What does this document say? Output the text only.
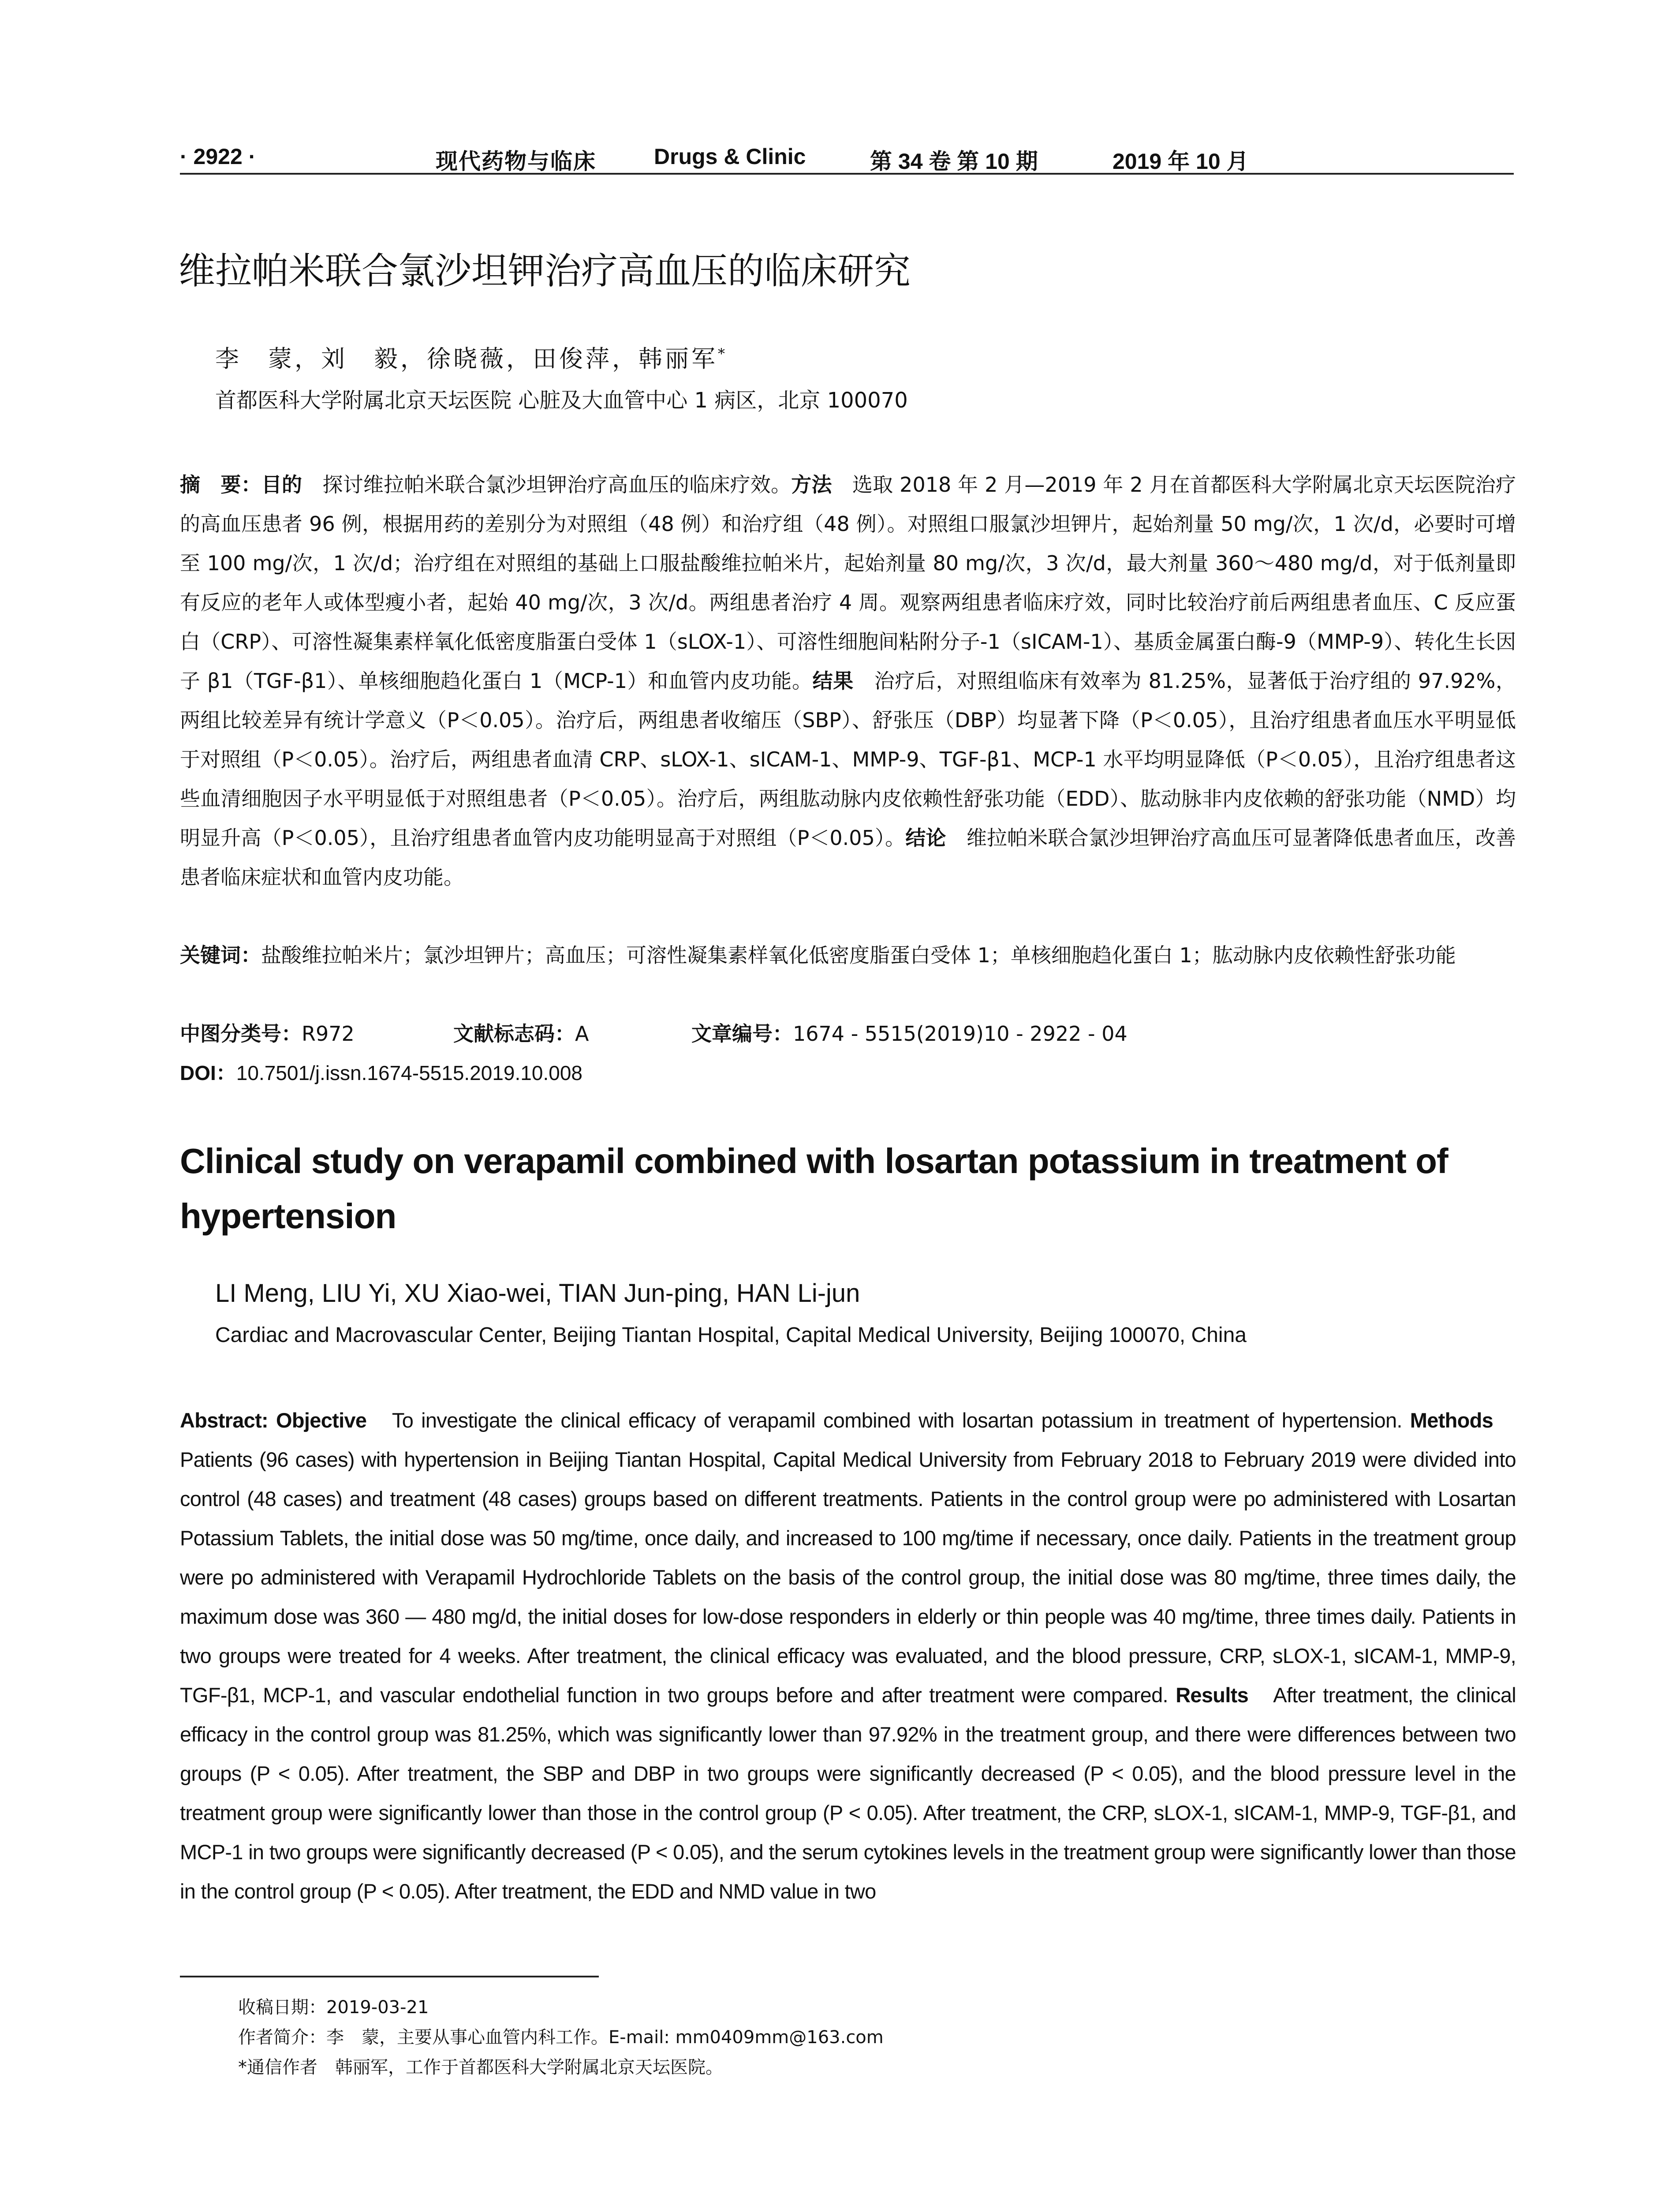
· 2922 ·	现代药物与临床	Drugs & Clinic	第 34 卷 第 10 期	2019 年 10 月
维拉帕米联合氯沙坦钾治疗高血压的临床研究
李　蒙，刘　毅，徐晓薇，田俊萍，韩丽军*
首都医科大学附属北京天坛医院 心脏及大血管中心 1 病区，北京 100070

摘　要：目的　探讨维拉帕米联合氯沙坦钾治疗高血压的临床疗效。方法　选取 2018 年 2 月—2019 年 2 月在首都医科大学附属北京天坛医院治疗的高血压患者 96 例，根据用药的差别分为对照组（48 例）和治疗组（48 例）。对照组口服氯沙坦钾片，起始剂量 50 mg/次，1 次/d，必要时可增至 100 mg/次，1 次/d；治疗组在对照组的基础上口服盐酸维拉帕米片，起始剂量 80 mg/次，3 次/d，最大剂量 360～480 mg/d，对于低剂量即有反应的老年人或体型瘦小者，起始 40 mg/次，3 次/d。两组患者治疗 4 周。观察两组患者临床疗效，同时比较治疗前后两组患者血压、C 反应蛋白（CRP）、可溶性凝集素样氧化低密度脂蛋白受体 1（sLOX-1）、可溶性细胞间粘附分子-1（sICAM-1）、基质金属蛋白酶-9（MMP-9）、转化生长因子 β1（TGF-β1）、单核细胞趋化蛋白 1（MCP-1）和血管内皮功能。结果　治疗后，对照组临床有效率为 81.25%，显著低于治疗组的 97.92%，两组比较差异有统计学意义（P＜0.05）。治疗后，两组患者收缩压（SBP）、舒张压（DBP）均显著下降（P＜0.05），且治疗组患者血压水平明显低于对照组（P＜0.05）。治疗后，两组患者血清 CRP、sLOX-1、sICAM-1、MMP-9、TGF-β1、MCP-1 水平均明显降低（P＜0.05），且治疗组患者这些血清细胞因子水平明显低于对照组患者（P＜0.05）。治疗后，两组肱动脉内皮依赖性舒张功能（EDD）、肱动脉非内皮依赖的舒张功能（NMD）均明显升高（P＜0.05），且治疗组患者血管内皮功能明显高于对照组（P＜0.05）。结论　维拉帕米联合氯沙坦钾治疗高血压可显著降低患者血压，改善患者临床症状和血管内皮功能。

关键词：盐酸维拉帕米片；氯沙坦钾片；高血压；可溶性凝集素样氧化低密度脂蛋白受体 1；单核细胞趋化蛋白 1；肱动脉内皮依赖性舒张功能

中图分类号：R972	文献标志码：A	文章编号：1674 - 5515(2019)10 - 2922 - 04
DOI：10.7501/j.issn.1674-5515.2019.10.008
Clinical study on verapamil combined with losartan potassium in treatment of hypertension
LI Meng, LIU Yi, XU Xiao-wei, TIAN Jun-ping, HAN Li-jun
Cardiac and Macrovascular Center, Beijing Tiantan Hospital, Capital Medical University, Beijing 100070, China

Abstract: Objective　To investigate the clinical efficacy of verapamil combined with losartan potassium in treatment of hypertension. Methods　Patients (96 cases) with hypertension in Beijing Tiantan Hospital, Capital Medical University from February 2018 to February 2019 were divided into control (48 cases) and treatment (48 cases) groups based on different treatments. Patients in the control group were po administered with Losartan Potassium Tablets, the initial dose was 50 mg/time, once daily, and increased to 100 mg/time if necessary, once daily. Patients in the treatment group were po administered with Verapamil Hydrochloride Tablets on the basis of the control group, the initial dose was 80 mg/time, three times daily, the maximum dose was 360 — 480 mg/d, the initial doses for low-dose responders in elderly or thin people was 40 mg/time, three times daily. Patients in two groups were treated for 4 weeks. After treatment, the clinical efficacy was evaluated, and the blood pressure, CRP, sLOX-1, sICAM-1, MMP-9, TGF-β1, MCP-1, and vascular endothelial function in two groups before and after treatment were compared. Results　After treatment, the clinical efficacy in the control group was 81.25%, which was significantly lower than 97.92% in the treatment group, and there were differences between two groups (P < 0.05). After treatment, the SBP and DBP in two groups were significantly decreased (P < 0.05), and the blood pressure level in the treatment group were significantly lower than those in the control group (P < 0.05). After treatment, the CRP, sLOX-1, sICAM-1, MMP-9, TGF-β1, and MCP-1 in two groups were significantly decreased (P < 0.05), and the serum cytokines levels in the treatment group were significantly lower than those in the control group (P < 0.05). After treatment, the EDD and NMD value in two

收稿日期：2019-03-21
作者简介：李　蒙，主要从事心血管内科工作。E-mail: mm0409mm@163.com
*通信作者　韩丽军，工作于首都医科大学附属北京天坛医院。
